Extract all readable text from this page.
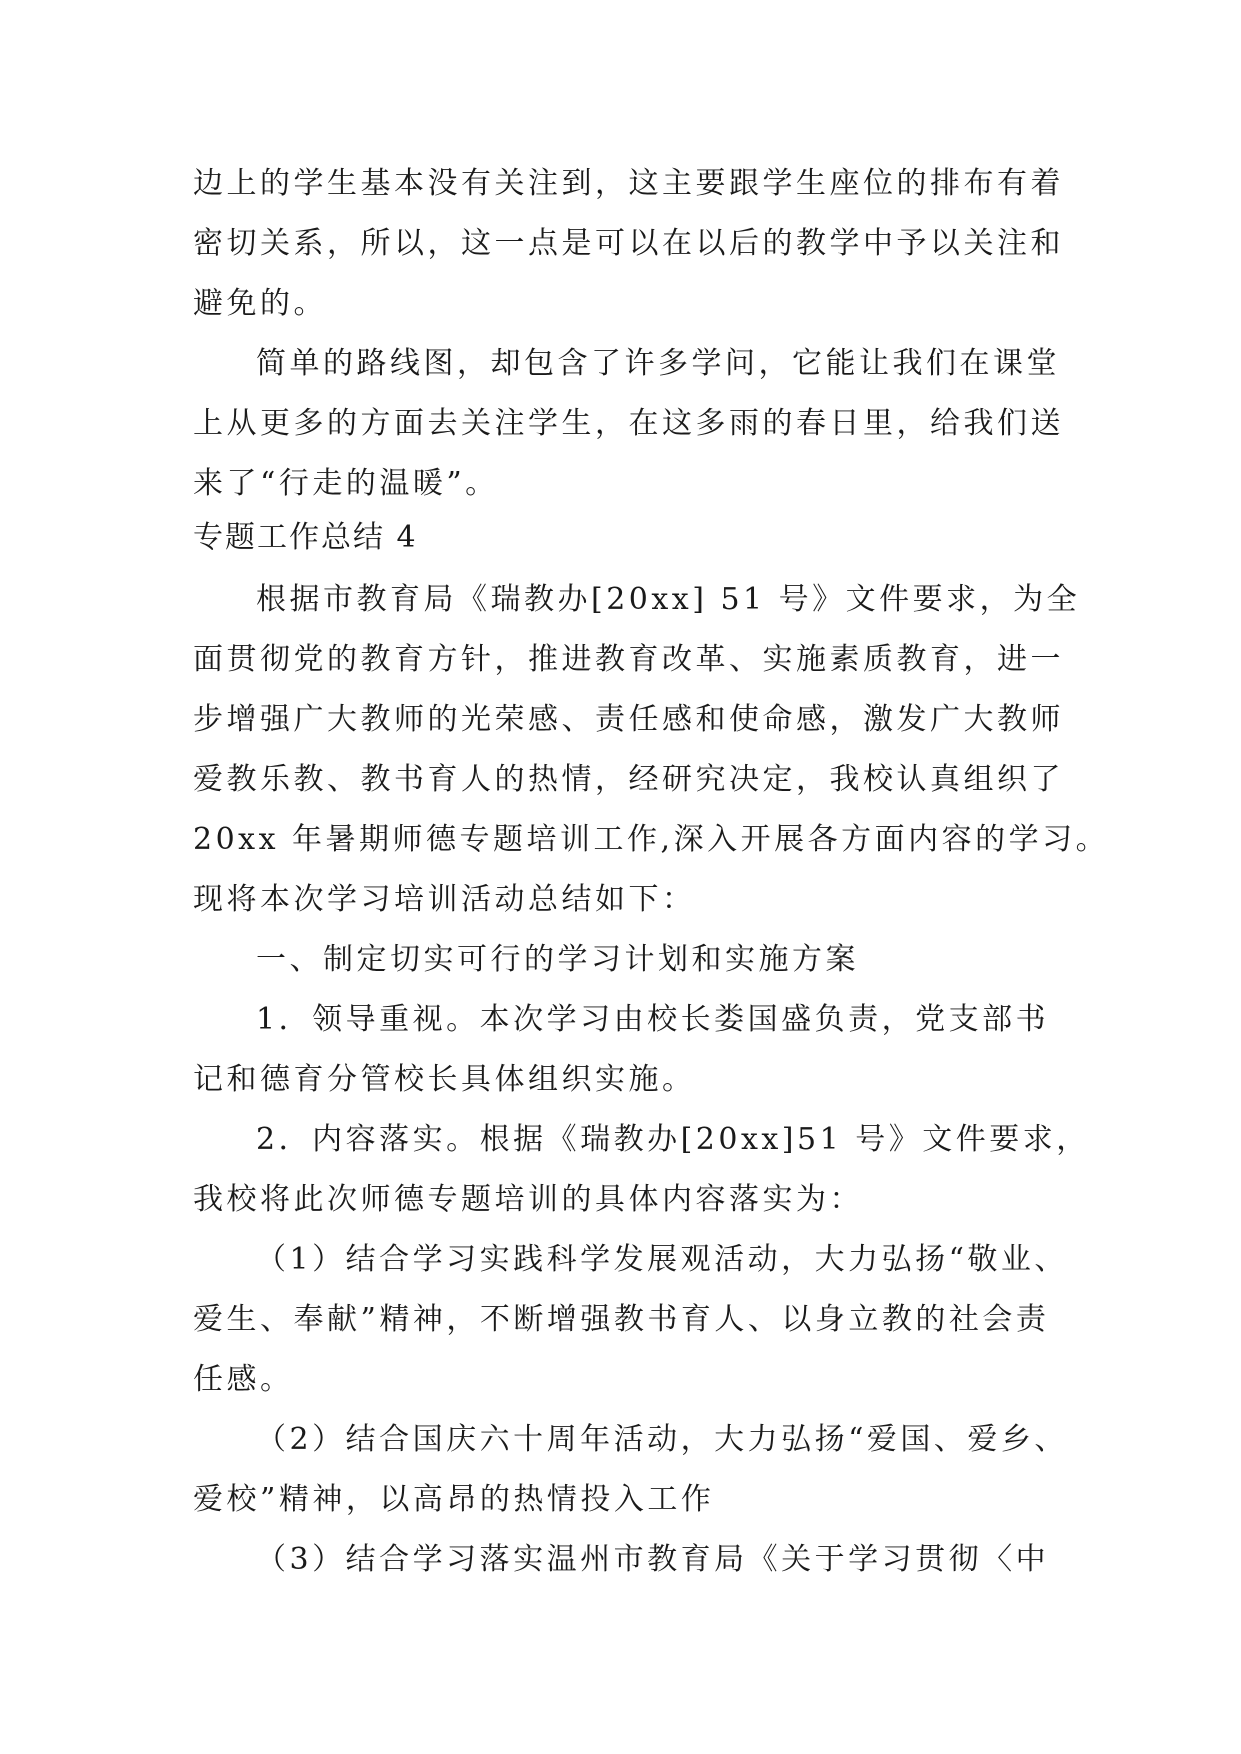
边上的学生基本没有关注到，这主要跟学生座位的排布有着

密切关系，所以，这一点是可以在以后的教学中予以关注和

避免的。

简单的路线图，却包含了许多学问，它能让我们在课堂

上从更多的方面去关注学生，在这多雨的春日里，给我们送

来了“行走的温暖”。

专题工作总结 4

根据市教育局《瑞教办[20xx] 51 号》文件要求，为全

面贯彻党的教育方针，推进教育改革、实施素质教育，进一

步增强广大教师的光荣感、责任感和使命感，激发广大教师

爱教乐教、教书育人的热情，经研究决定，我校认真组织了

20xx 年暑期师德专题培训工作,深入开展各方面内容的学习。

现将本次学习培训活动总结如下：

一、制定切实可行的学习计划和实施方案

1．领导重视。本次学习由校长娄国盛负责，党支部书

记和德育分管校长具体组织实施。

2．内容落实。根据《瑞教办[20xx]51 号》文件要求，

我校将此次师德专题培训的具体内容落实为：

（1）结合学习实践科学发展观活动，大力弘扬“敬业、

爱生、奉献”精神，不断增强教书育人、以身立教的社会责

任感。

（2）结合国庆六十周年活动，大力弘扬“爱国、爱乡、

爱校”精神，以高昂的热情投入工作

（3）结合学习落实温州市教育局《关于学习贯彻〈中
